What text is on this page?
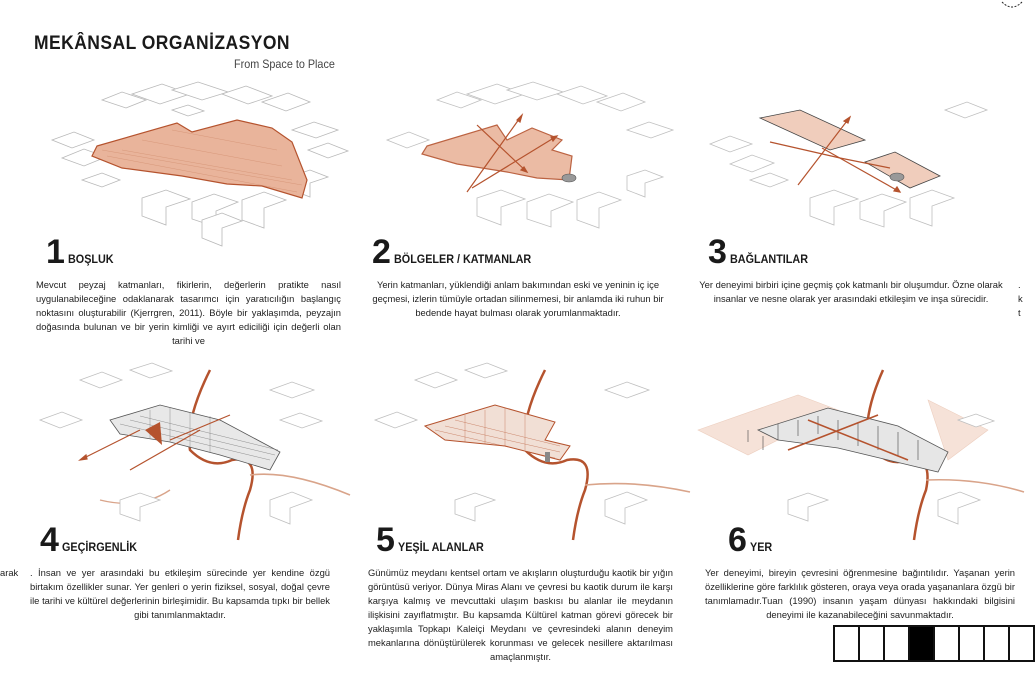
MEKÂNSAL ORGANİZASYON
From Space to Place
1 BOŞLUK	2 BÖLGELER / KATMANLAR	3 BAĞLANTILAR
4 GEÇİRGENLİK	5 YEŞİL ALANLAR	6 YER

Mevcut peyzaj katmanları, fikirlerin, değerlerin pratikte nasıl uygulanabileceğine odaklanarak tasarımcı için yaratıcılığın başlangıç noktasını oluşturabilir (Kjerrgren, 2011). Böyle bir yaklaşımda, peyzajın doğasında bulunan ve bir yerin kimliği ve ayırt ediciliği için değerli olan tarihi ve

Yerin katmanları, yüklendiği anlam bakımından eski ve yeninin iç içe geçmesi, izlerin tümüyle ortadan silinmemesi, bir anlamda iki ruhun bir bedende hayat bulması olarak yorumlanmaktadır.

Yer deneyimi birbiri içine geçmiş çok katmanlı bir oluşumdur. Özne olarak insanlar ve nesne olarak yer arasındaki etkileşim ve inşa sürecidir.

. İnsan ve yer arasındaki bu etkileşim sürecinde yer kendine özgü birtakım özellikler sunar. Yer genleri o yerin fiziksel, sosyal, doğal çevre ile tarihi ve kültürel değerlerinin birleşimidir. Bu kapsamda tıpkı bir bellek gibi tanımlanmaktadır.

Günümüz meydanı kentsel ortam ve akışların oluşturduğu kaotik bir yığın görüntüsü veriyor. Dünya Miras Alanı ve çevresi bu kaotik durum ile karşı karşıya kalmış ve mevcuttaki ulaşım baskısı bu alanlar ile meydanın ilişkisini zayıflatmıştır. Bu kapsamda Kültürel katman görevi görecek bir yaklaşımla Topkapı Kaleiçi Meydanı ve çevresindeki alanın deneyim mekanlarına dönüştürülerek korunması ve gelecek nesillere aktarılması amaçlanmıştır.

Yer deneyimi, bireyin çevresini öğrenmesine bağıntılıdır. Yaşanan yerin özelliklerine göre farklılık gösteren, oraya veya orada yaşananlara özgü bir tanımlamadır.Tuan (1990) insanın yaşam dünyası hakkındaki bilgisini deneyimi ile kazanabileceğini savunmaktadır.

arak
k
t
.
